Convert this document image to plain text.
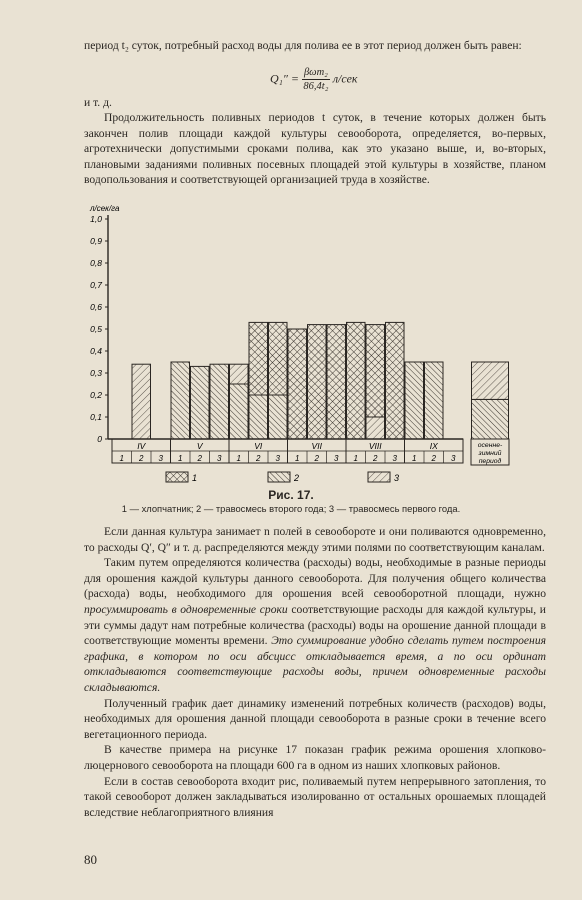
период t₂ суток, потребный расход воды для полива ее в этот период должен быть равен:

$Q_1'' = \frac{\text{βωm₂}}{\text{86,4t₂}} л/сек$
и т. д.

Продолжительность поливных периодов t суток, в течение которых должен быть закончен полив площади каждой культуры севооборота, определяется, во-первых, агротехнически допустимыми сроками полива, как это указано выше, и, во-вторых, плановыми заданиями поливных посевных площадей этой культуры в хозяйстве, планом водопользования и соответствующей организацией труда в хозяйстве.

л/сек/га
0
0,1
0,2
0,3
0,4
0,5
0,6
0,7
0,8
0,9
1,0
IV
1 2 3
V
1 2 3
VI
1 2 3
VII
1 2 3
VIII
1 2 3
IX
1 2 3
осенне-
зимний
период
1	2	3
Рис. 17.
1 — хлопчатник; 2 — травосмесь второго года; 3 — травосмесь первого года.

Если данная культура занимает n полей в севообороте и они поливаются одновременно, то расходы Q′, Q″ и т. д. распределяются между этими полями по соответствующим каналам.

Таким путем определяются количества (расходы) воды, необходимые в разные периоды для орошения каждой культуры данного севооборота. Для получения общего количества (расхода) воды, необходимого для орошения всей севооборотной площади, нужно просуммировать в одновременные сроки соответствующие расходы для каждой культуры, и эти суммы дадут нам потребные количества (расходы) воды на орошение данной площади в соответствующие моменты времени. Это суммирование удобно сделать путем построения графика, в котором по оси абсцисс откладывается время, а по оси ординат откладываются соответствующие расходы воды, причем одновременные расходы складываются.

Полученный график дает динамику изменений потребных количеств (расходов) воды, необходимых для орошения данной площади севооборота в разные сроки в течение всего вегетационного периода.

В качестве примера на рисунке 17 показан график режима орошения хлопково-люцернового севооборота на площади 600 га в одном из наших хлопковых районов.

Если в состав севооборота входит рис, поливаемый путем непрерывного затопления, то такой севооборот должен закладываться изолированно от остальных орошаемых площадей вследствие неблагоприятного влияния

80
